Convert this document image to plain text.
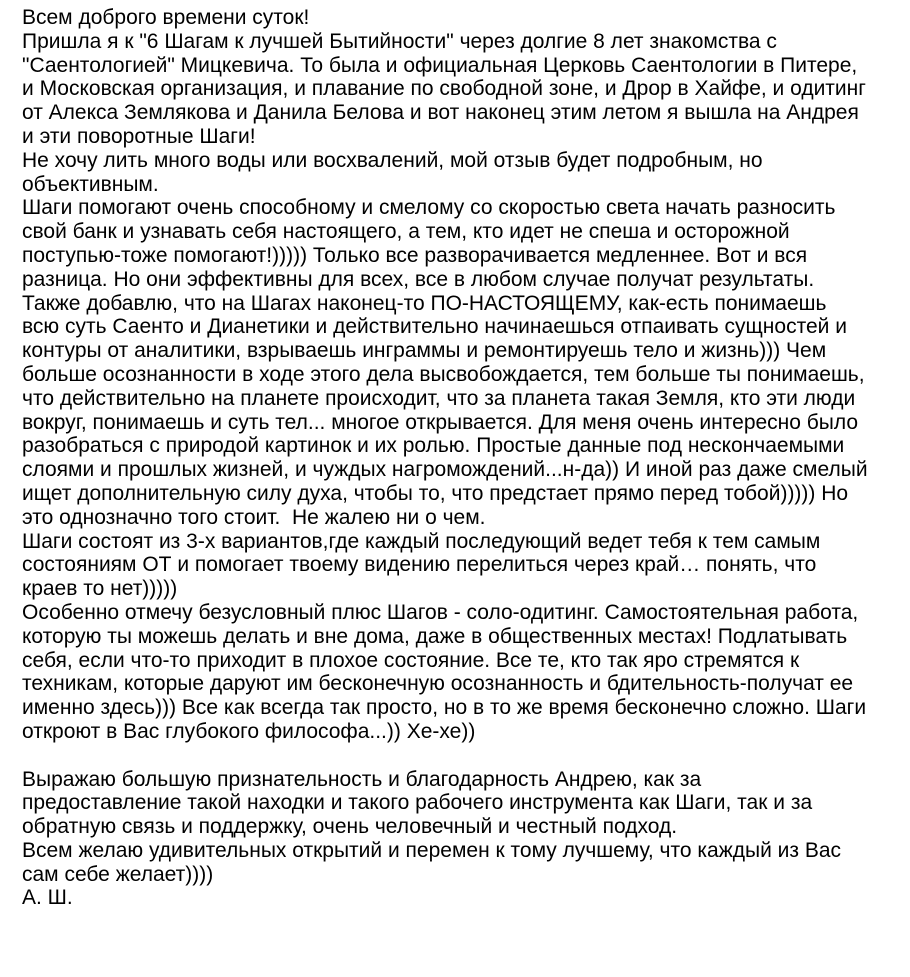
Всем доброго времени суток!
Пришла я к "6 Шагам к лучшей Бытийности" через долгие 8 лет знакомства с
"Саентологией" Мицкевича. То была и официальная Церковь Саентологии в Питере,
и Московская организация, и плавание по свободной зоне, и Дрор в Хайфе, и одитинг
от Алекса Землякова и Данила Белова и вот наконец этим летом я вышла на Андрея
и эти поворотные Шаги!
Не хочу лить много воды или восхвалений, мой отзыв будет подробным, но
объективным.
Шаги помогают очень способному и смелому со скоростью света начать разносить
свой банк и узнавать себя настоящего, а тем, кто идет не спеша и осторожной
поступью-тоже помогают!))))) Только все разворачивается медленнее. Вот и вся
разница. Но они эффективны для всех, все в любом случае получат результаты.
Также добавлю, что на Шагах наконец-то ПО-НАСТОЯЩЕМУ, как-есть понимаешь
всю суть Саенто и Дианетики и действительно начинаешься отпаивать сущностей и
контуры от аналитики, взрываешь инграммы и ремонтируешь тело и жизнь))) Чем
больше осознанности в ходе этого дела высвобождается, тем больше ты понимаешь,
что действительно на планете происходит, что за планета такая Земля, кто эти люди
вокруг, понимаешь и суть тел... многое открывается. Для меня очень интересно было
разобраться с природой картинок и их ролью. Простые данные под нескончаемыми
слоями и прошлых жизней, и чуждых нагромождений...н-да)) И иной раз даже смелый
ищет дополнительную силу духа, чтобы то, что предстает прямо перед тобой))))) Но
это однозначно того стоит.  Не жалею ни о чем.
Шаги состоят из 3-х вариантов,где каждый последующий ведет тебя к тем самым
состояниям ОТ и помогает твоему видению перелиться через край… понять, что
краев то нет)))))
Особенно отмечу безусловный плюс Шагов - соло-одитинг. Самостоятельная работа,
которую ты можешь делать и вне дома, даже в общественных местах! Подлатывать
себя, если что-то приходит в плохое состояние. Все те, кто так яро стремятся к
техникам, которые даруют им бесконечную осознанность и бдительность-получат ее
именно здесь))) Все как всегда так просто, но в то же время бесконечно сложно. Шаги
откроют в Вас глубокого философа...)) Хе-хе))
Выражаю большую признательность и благодарность Андрею, как за
предоставление такой находки и такого рабочего инструмента как Шаги, так и за
обратную связь и поддержку, очень человечный и честный подход.
Всем желаю удивительных открытий и перемен к тому лучшему, что каждый из Вас
сам себе желает))))
А. Ш.
